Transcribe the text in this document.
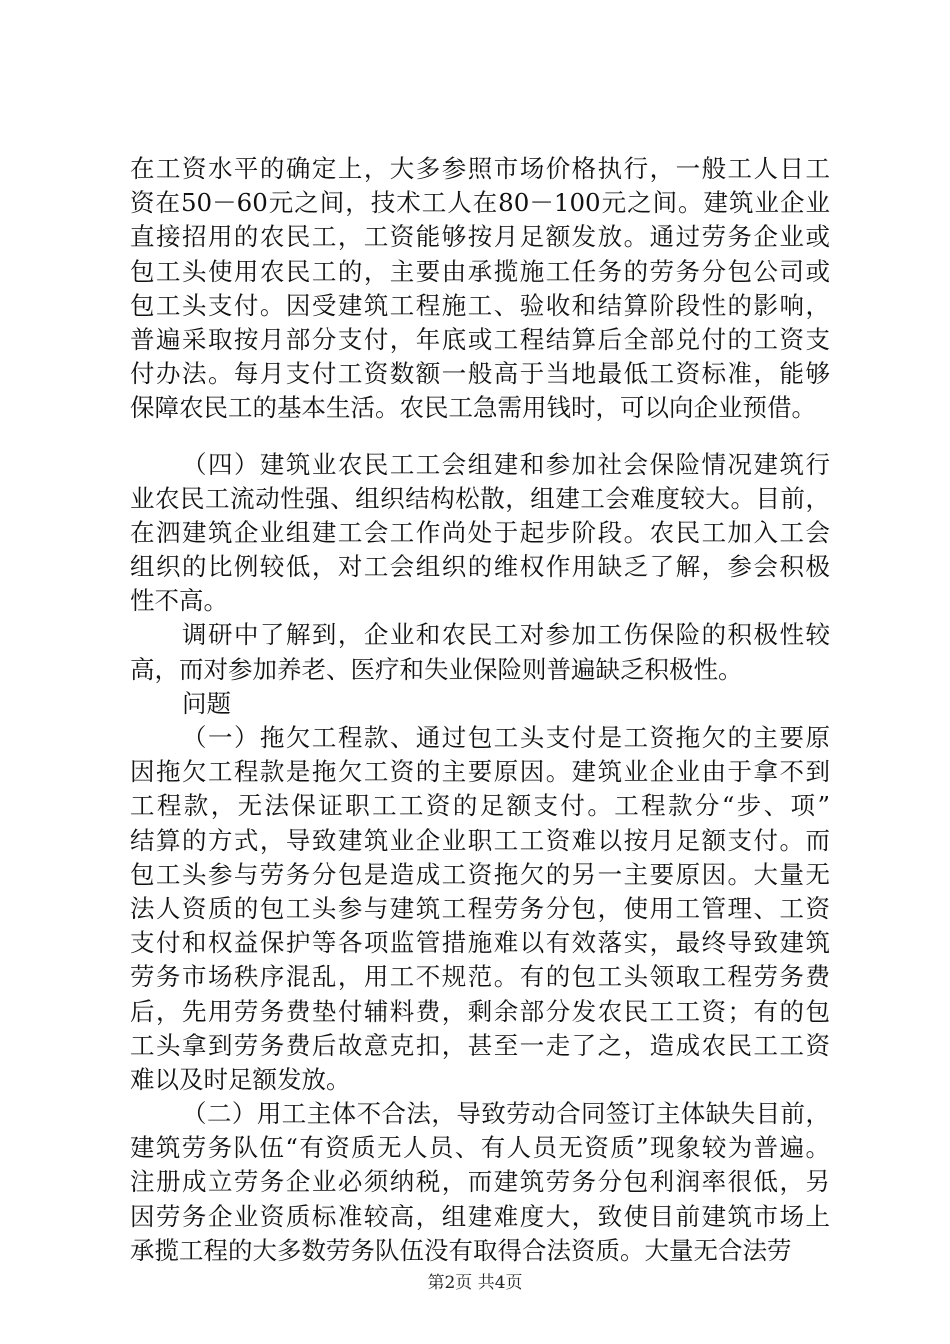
在工资水平的确定上，大多参照市场价格执行，一般工人日工
资在50－60元之间，技术工人在80－100元之间。建筑业企业
直接招用的农民工，工资能够按月足额发放。通过劳务企业或
包工头使用农民工的，主要由承揽施工任务的劳务分包公司或
包工头支付。因受建筑工程施工、验收和结算阶段性的影响，
普遍采取按月部分支付，年底或工程结算后全部兑付的工资支
付办法。每月支付工资数额一般高于当地最低工资标准，能够
保障农民工的基本生活。农民工急需用钱时，可以向企业预借。
（四）建筑业农民工工会组建和参加社会保险情况建筑行
业农民工流动性强、组织结构松散，组建工会难度较大。目前，
在泗建筑企业组建工会工作尚处于起步阶段。农民工加入工会
组织的比例较低，对工会组织的维权作用缺乏了解，参会积极
性不高。
调研中了解到，企业和农民工对参加工伤保险的积极性较
高，而对参加养老、医疗和失业保险则普遍缺乏积极性。
问题
（一）拖欠工程款、通过包工头支付是工资拖欠的主要原
因拖欠工程款是拖欠工资的主要原因。建筑业企业由于拿不到
工程款，无法保证职工工资的足额支付。工程款分“步、项”
结算的方式，导致建筑业企业职工工资难以按月足额支付。而
包工头参与劳务分包是造成工资拖欠的另一主要原因。大量无
法人资质的包工头参与建筑工程劳务分包，使用工管理、工资
支付和权益保护等各项监管措施难以有效落实，最终导致建筑
劳务市场秩序混乱，用工不规范。有的包工头领取工程劳务费
后，先用劳务费垫付辅料费，剩余部分发农民工工资；有的包
工头拿到劳务费后故意克扣，甚至一走了之，造成农民工工资
难以及时足额发放。
（二）用工主体不合法，导致劳动合同签订主体缺失目前，
建筑劳务队伍“有资质无人员、有人员无资质”现象较为普遍。
注册成立劳务企业必须纳税，而建筑劳务分包利润率很低，另
因劳务企业资质标准较高，组建难度大，致使目前建筑市场上
承揽工程的大多数劳务队伍没有取得合法资质。大量无合法劳
第2页 共4页
